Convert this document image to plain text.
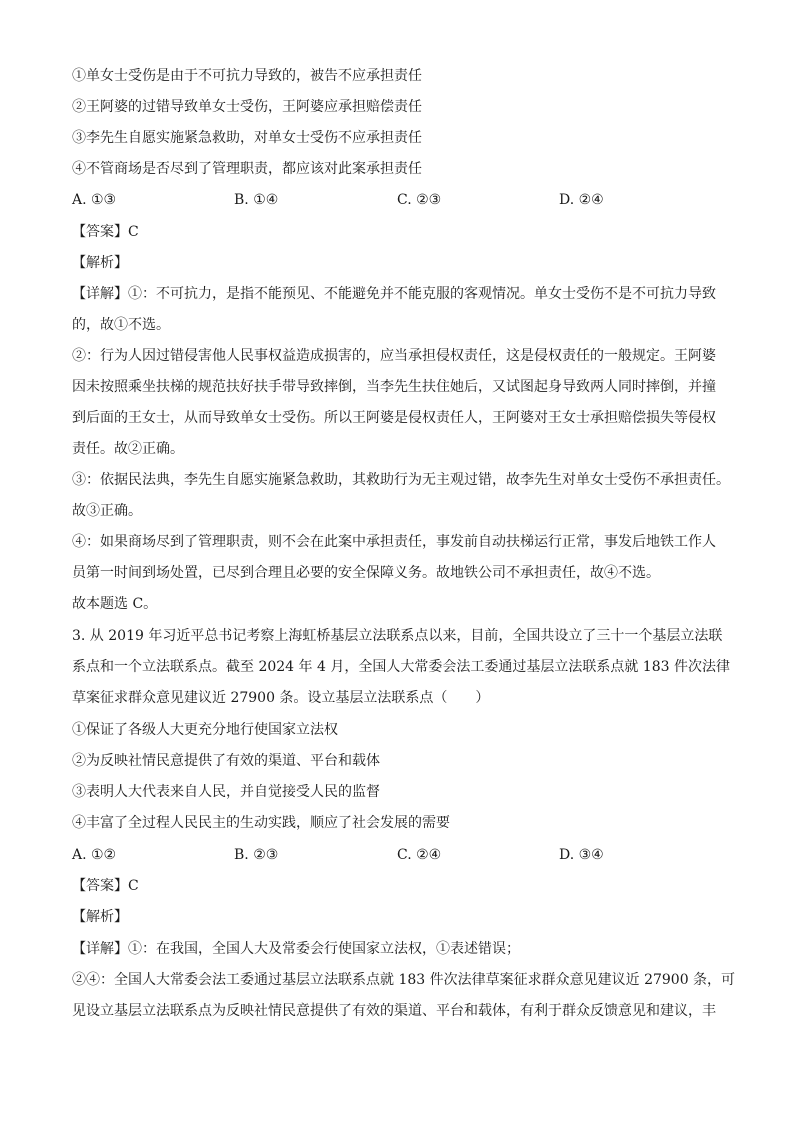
①单女士受伤是由于不可抗力导致的，被告不应承担责任
②王阿婆的过错导致单女士受伤，王阿婆应承担赔偿责任
③李先生自愿实施紧急救助，对单女士受伤不应承担责任
④不管商场是否尽到了管理职责，都应该对此案承担责任
A. ①③	B. ①④	C. ②③	D. ②④
【答案】C
【解析】
【详解】①：不可抗力，是指不能预见、不能避免并不能克服的客观情况。单女士受伤不是不可抗力导致
的，故①不选。
②：行为人因过错侵害他人民事权益造成损害的，应当承担侵权责任，这是侵权责任的一般规定。王阿婆
因未按照乘坐扶梯的规范扶好扶手带导致摔倒，当李先生扶住她后，又试图起身导致两人同时摔倒，并撞
到后面的王女士，从而导致单女士受伤。所以王阿婆是侵权责任人，王阿婆对王女士承担赔偿损失等侵权
责任。故②正确。
③：依据民法典，李先生自愿实施紧急救助，其救助行为无主观过错，故李先生对单女士受伤不承担责任。
故③正确。
④：如果商场尽到了管理职责，则不会在此案中承担责任，事发前自动扶梯运行正常，事发后地铁工作人
员第一时间到场处置，已尽到合理且必要的安全保障义务。故地铁公司不承担责任，故④不选。
故本题选 C。
3. 从 2019 年习近平总书记考察上海虹桥基层立法联系点以来，目前，全国共设立了三十一个基层立法联
系点和一个立法联系点。截至 2024 年 4 月，全国人大常委会法工委通过基层立法联系点就 183 件次法律
草案征求群众意见建议近 27900 条。设立基层立法联系点（　　）
①保证了各级人大更充分地行使国家立法权
②为反映社情民意提供了有效的渠道、平台和载体
③表明人大代表来自人民，并自觉接受人民的监督
④丰富了全过程人民民主的生动实践，顺应了社会发展的需要
A. ①②	B. ②③	C. ②④	D. ③④
【答案】C
【解析】
【详解】①：在我国，全国人大及常委会行使国家立法权，①表述错误；
②④：全国人大常委会法工委通过基层立法联系点就 183 件次法律草案征求群众意见建议近 27900 条，可
见设立基层立法联系点为反映社情民意提供了有效的渠道、平台和载体，有利于群众反馈意见和建议，丰
